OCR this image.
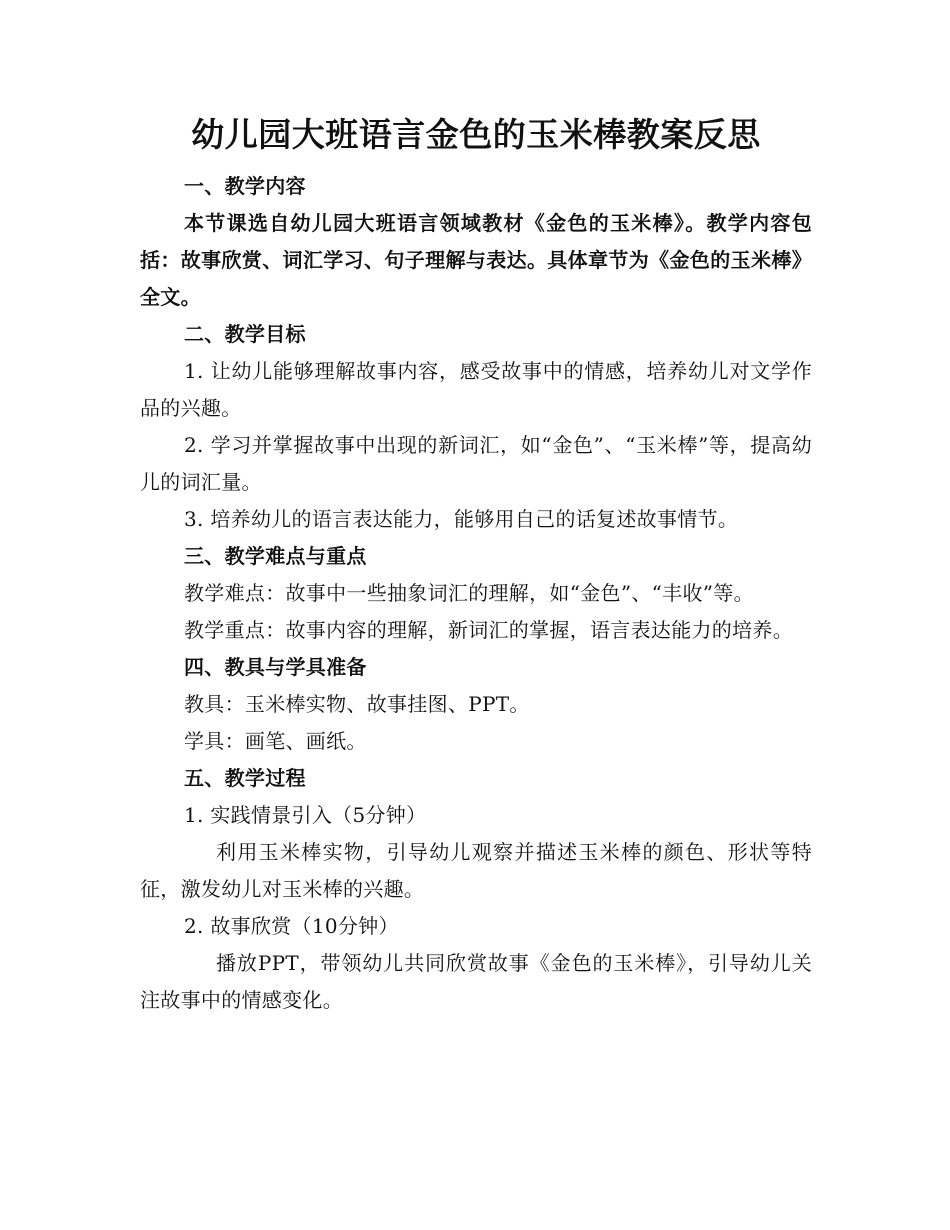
幼儿园大班语言金色的玉米棒教案反思

一、教学内容

本节课选自幼儿园大班语言领域教材《金色的玉米棒》。教学内容包括：故事欣赏、词汇学习、句子理解与表达。具体章节为《金色的玉米棒》全文。

二、教学目标

1. 让幼儿能够理解故事内容，感受故事中的情感，培养幼儿对文学作品的兴趣。

2. 学习并掌握故事中出现的新词汇，如“金色”、“玉米棒”等，提高幼儿的词汇量。

3. 培养幼儿的语言表达能力，能够用自己的话复述故事情节。

三、教学难点与重点

教学难点：故事中一些抽象词汇的理解，如“金色”、“丰收”等。

教学重点：故事内容的理解，新词汇的掌握，语言表达能力的培养。

四、教具与学具准备

教具：玉米棒实物、故事挂图、PPT。

学具：画笔、画纸。

五、教学过程

1. 实践情景引入（5分钟）

利用玉米棒实物，引导幼儿观察并描述玉米棒的颜色、形状等特征，激发幼儿对玉米棒的兴趣。

2. 故事欣赏（10分钟）

播放PPT，带领幼儿共同欣赏故事《金色的玉米棒》，引导幼儿关注故事中的情感变化。
